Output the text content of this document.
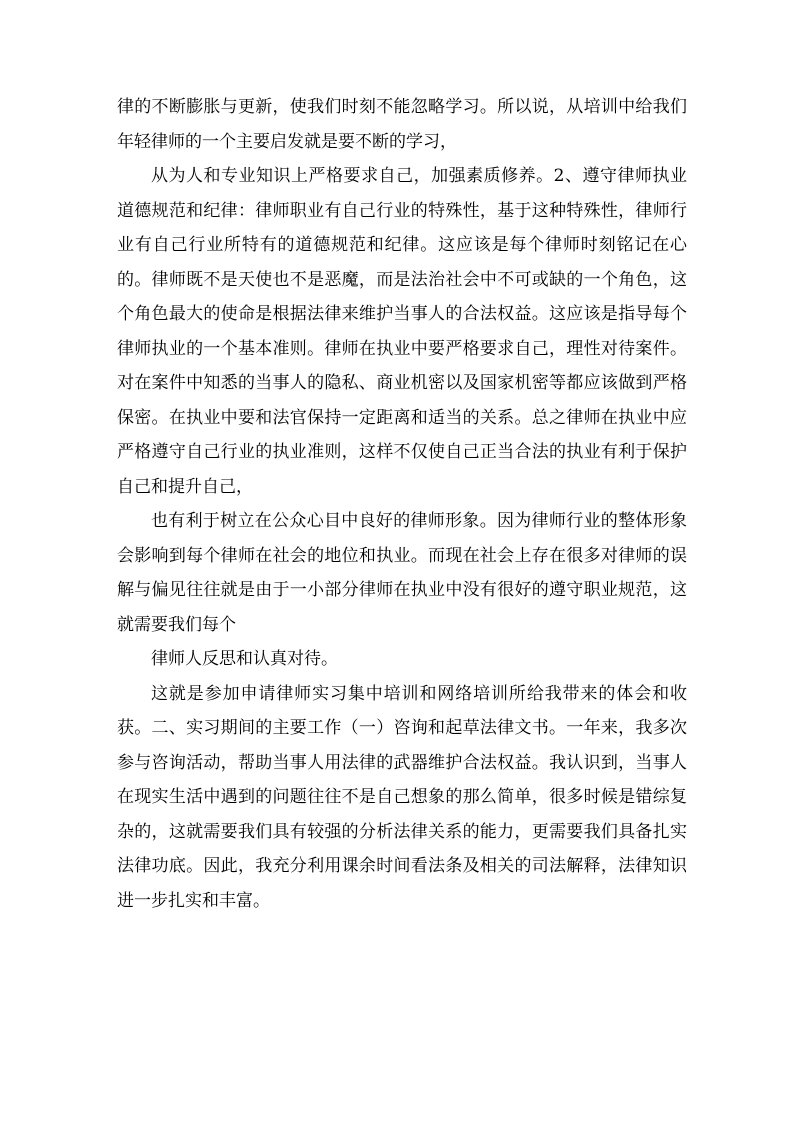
律的不断膨胀与更新，使我们时刻不能忽略学习。所以说，从培训中给我们年轻律师的一个主要启发就是要不断的学习，

从为人和专业知识上严格要求自己，加强素质修养。2、遵守律师执业道德规范和纪律：律师职业有自己行业的特殊性，基于这种特殊性，律师行业有自己行业所特有的道德规范和纪律。这应该是每个律师时刻铭记在心的。律师既不是天使也不是恶魔，而是法治社会中不可或缺的一个角色，这个角色最大的使命是根据法律来维护当事人的合法权益。这应该是指导每个律师执业的一个基本准则。律师在执业中要严格要求自己，理性对待案件。对在案件中知悉的当事人的隐私、商业机密以及国家机密等都应该做到严格保密。在执业中要和法官保持一定距离和适当的关系。总之律师在执业中应严格遵守自己行业的执业准则，这样不仅使自己正当合法的执业有利于保护自己和提升自己，

也有利于树立在公众心目中良好的律师形象。因为律师行业的整体形象会影响到每个律师在社会的地位和执业。而现在社会上存在很多对律师的误解与偏见往往就是由于一小部分律师在执业中没有很好的遵守职业规范，这就需要我们每个

律师人反思和认真对待。

这就是参加申请律师实习集中培训和网络培训所给我带来的体会和收获。二、实习期间的主要工作（一）咨询和起草法律文书。一年来，我多次参与咨询活动，帮助当事人用法律的武器维护合法权益。我认识到，当事人在现实生活中遇到的问题往往不是自己想象的那么简单，很多时候是错综复杂的，这就需要我们具有较强的分析法律关系的能力，更需要我们具备扎实法律功底。因此，我充分利用课余时间看法条及相关的司法解释，法律知识进一步扎实和丰富。
